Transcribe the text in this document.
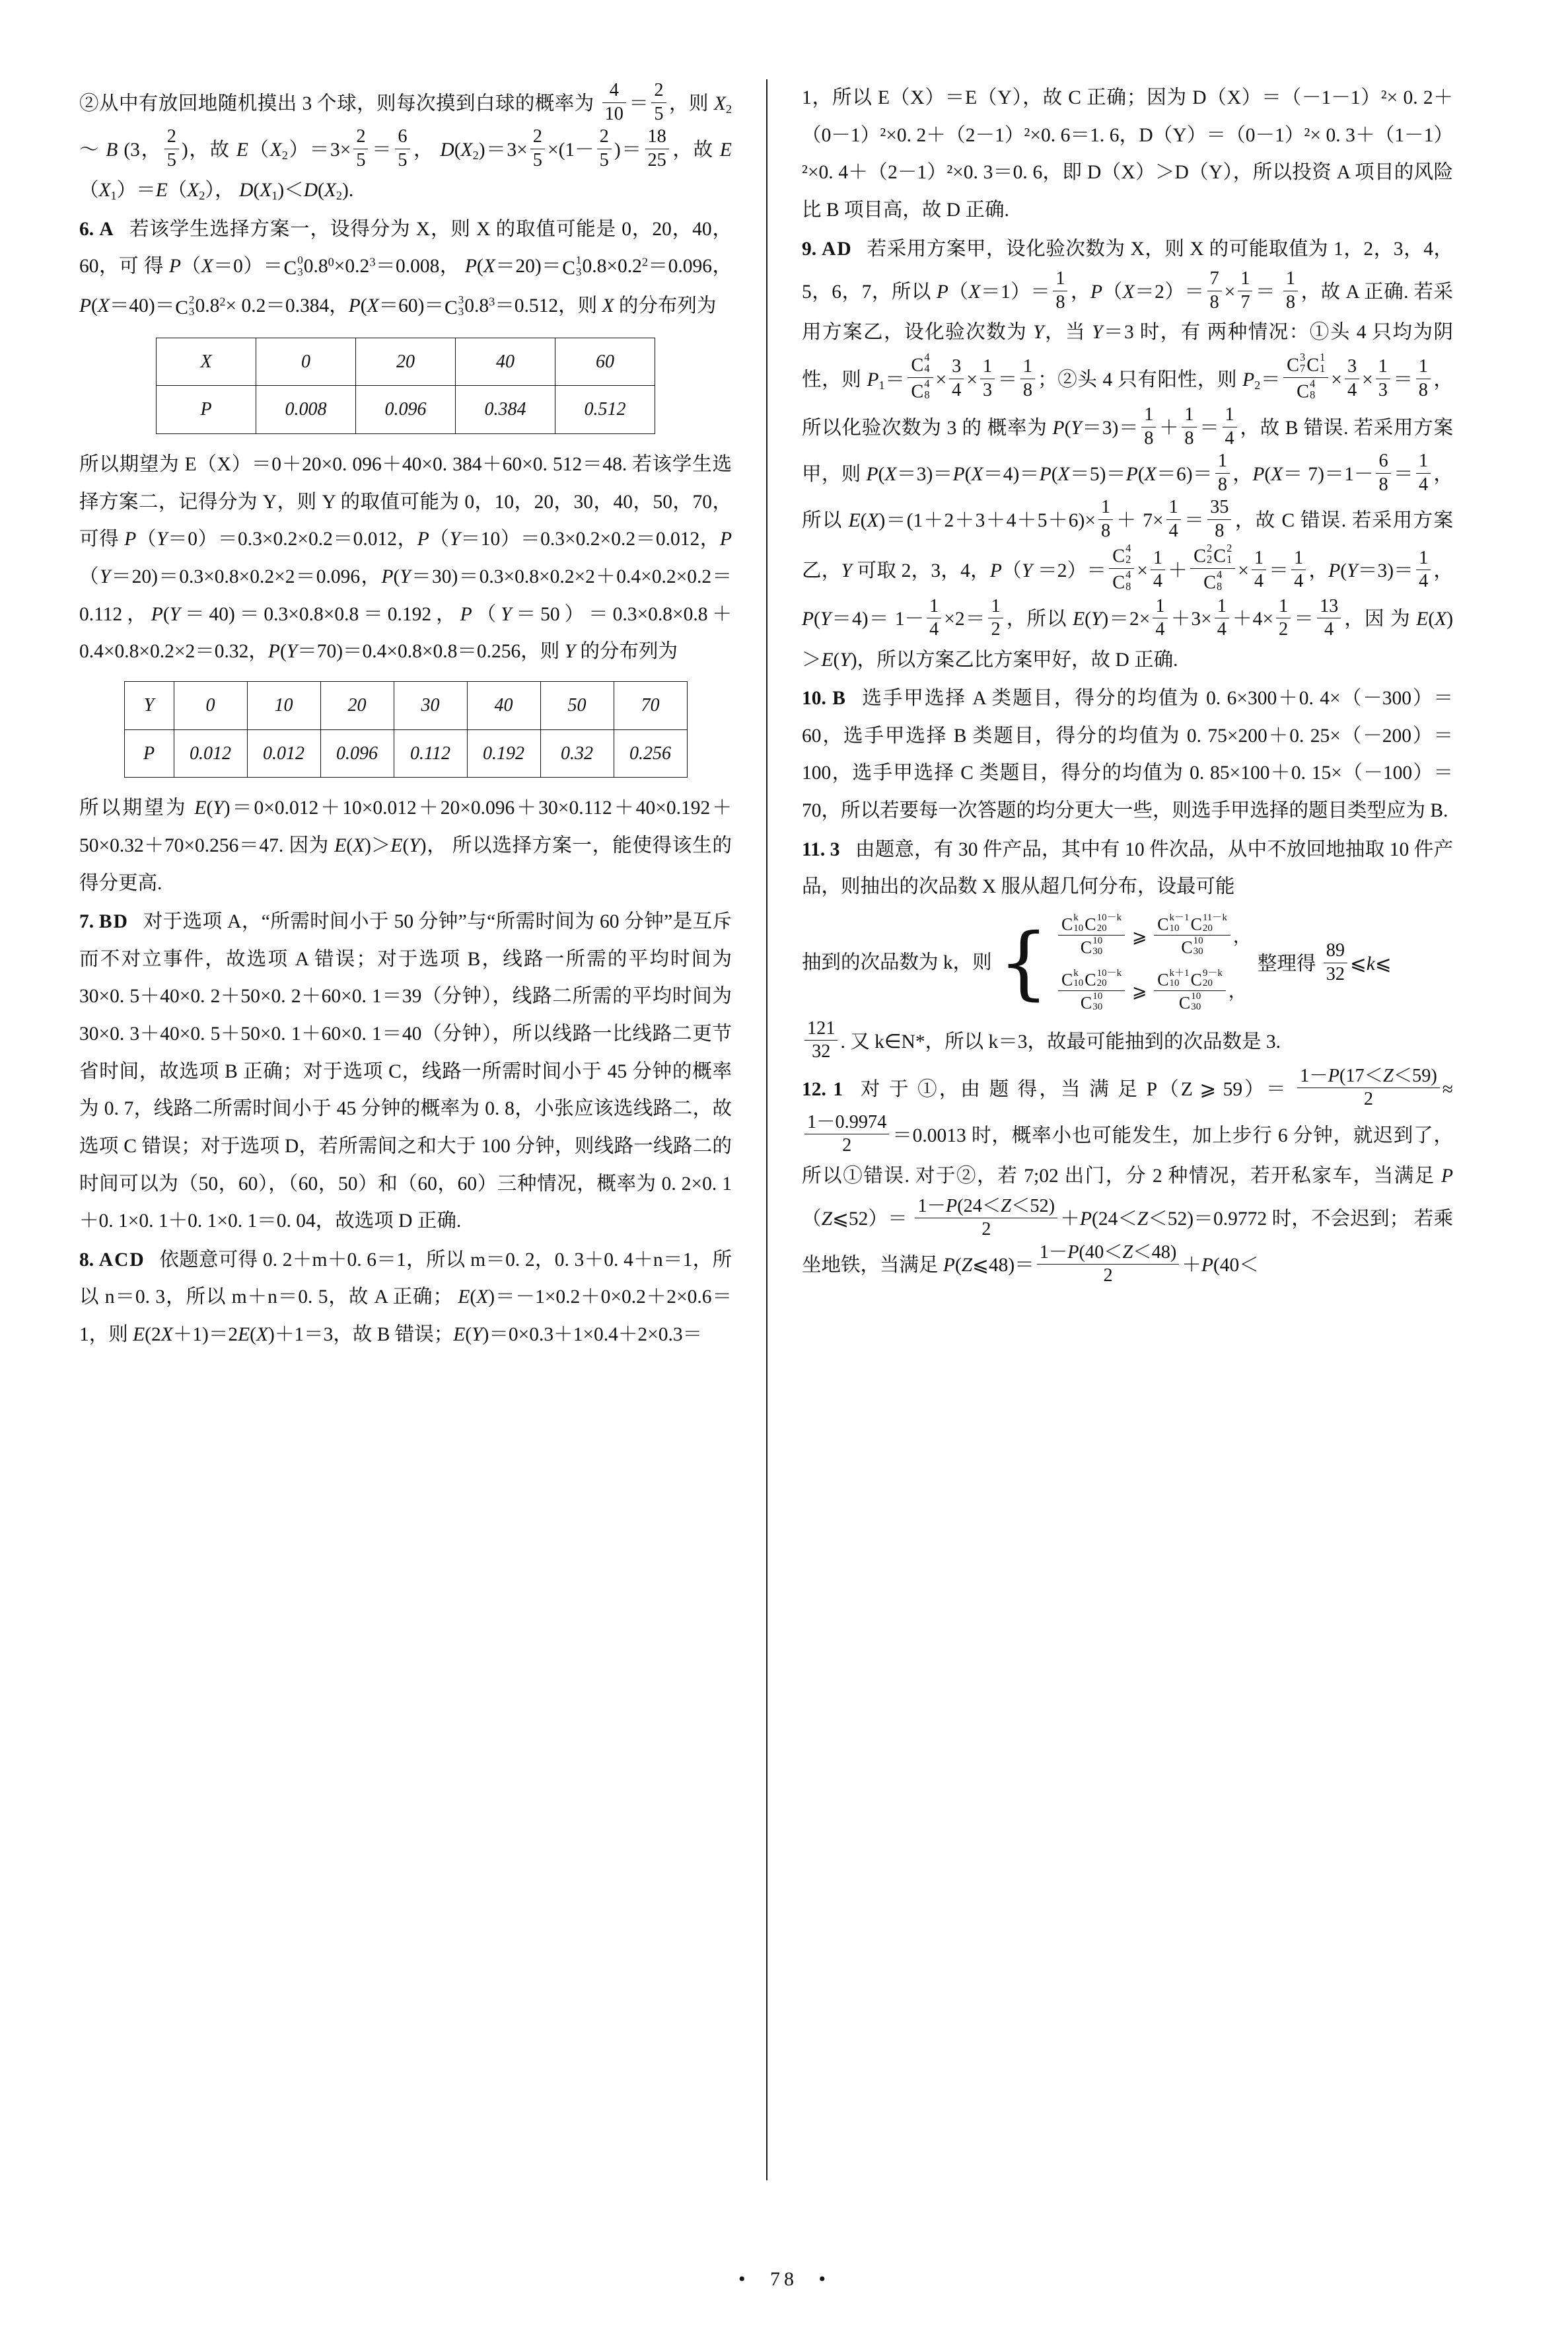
②从中有放回地随机摸出 3 个球，则每次摸到白球的概率为 $\frac{4}{10} = \frac{2}{5}$ ，则 $X_2$ ～ B (3， $\frac{2}{5}$ )，故 $E(X_2)=3\times \frac{2}{5} = \frac{6}{5}$ ， $D(X_2)=3\times \frac{2}{5} \times(1- \frac{2}{5}$ )＝ $\frac{18}{25}$ ，故 $E(X_1)=E(X_2)$， $D(X_1)<D(X_2)$.

6. A 若该学生选择方案一，设得分为 X，则 X 的取值可能是 0，20，40，60，可 得 P（X＝0）＝C 0
3 $0.8^0\times 0.2^3=0.008$， P(X＝20)＝C 1
3 $0.8\times 0.2^2=0.096$，P(X＝40)＝C 2
3 $0.8^2\times 0.2=0.384$，P(X＝60)＝C 3
3 $0.8^3=0.512$，则 X 的分布列为

X	0	20	40	60
P	0.008	0.096	0.384	0.512

所以期望为 E（X）＝0＋20×0. 096＋40×0. 384＋60×0. 512＝48. 若该学生选择方案二，记得分为 Y，则 Y 的取值可能为 0，10，20，30，40，50，70，可得 P（Y＝0）＝0.3×0.2×0.2＝0.012，P（Y＝10）＝0.3×0.2×0.2＝0.012，P（Y＝20)＝0.3×0.8×0.2×2＝0.096，P(Y＝30)＝0.3×0.8×0.2×2＋0.4×0.2×0.2＝0.112，P(Y＝40)＝0.3×0.8×0.8＝0.192，P（Y＝50）＝0.3×0.8×0.8＋0.4×0.8×0.2×2＝0.32，P(Y＝70)＝0.4×0.8×0.8＝0.256，则 Y 的分布列为

Y	0	10	20	30	40	50	70
P	0.012	0.012	0.096	0.112	0.192	0.32	0.256

所以期望为 E(Y)＝0×0.012＋10×0.012＋20×0.096＋30×0.112＋40×0.192＋50×0.32＋70×0.256＝47. 因为 E(X)＞E(Y)， 所以选择方案一，能使得该生的得分更高.

7. BD 对于选项 A，“所需时间小于 50 分钟”与“所需时间为 60 分钟”是互斥而不对立事件，故选项 A 错误；对于选项 B，线路一所需的平均时间为 30×0. 5＋40×0. 2＋50×0. 2＋60×0. 1＝39（分钟），线路二所需的平均时间为 30×0. 3＋40×0. 5＋50×0. 1＋60×0. 1＝40（分钟），所以线路一比线路二更节省时间，故选项 B 正确；对于选项 C，线路一所需时间小于 45 分钟的概率为 0. 7，线路二所需时间小于 45 分钟的概率为 0. 8，小张应该选线路二，故选项 C 错误；对于选项 D，若所需间之和大于 100 分钟，则线路一线路二的时间可以为（50，60），（60，50）和（60，60）三种情况，概率为 0. 2×0. 1＋0. 1×0. 1＋0. 1×0. 1＝0. 04，故选项 D 正确.

8. ACD 依题意可得 0. 2＋m＋0. 6＝1，所以 m＝0. 2，0. 3＋0. 4＋n＝1，所以 n＝0. 3，所以 m＋n＝0. 5，故 A 正确； E(X)＝－1×0.2＋0×0.2＋2×0.6＝1，则 E(2X＋1)＝2E(X)＋1＝3，故 B 错误；E(Y)＝0×0.3＋1×0.4＋2×0.3＝

1，所以 E（X）＝E（Y），故 C 正确；因为 D（X）＝（－1－1）²× 0. 2＋（0－1）²×0. 2＋（2－1）²×0. 6＝1. 6，D（Y）＝（0－1）²× 0. 3＋（1－1）²×0. 4＋（2－1）²×0. 3＝0. 6，即 D（X）＞D（Y），所以投资 A 项目的风险比 B 项目高，故 D 正确.

9. AD 若采用方案甲，设化验次数为 X，则 X 的可能取值为 1，2，3，4，5，6，7，所以 $P(X=1)= \frac{1}{8}$ ，$P(X=2)= \frac{7}{8} \times \frac{1}{7} = \frac{1}{8}$ ，故 A 正确. 若采用方案乙，设化验次数为 Y，当 Y＝3 时，有 两种情况：①头 4 只均为阴性，则 $P_1= C$ 4
4
C 4
$8 \times \frac{3}{4} \times \frac{1}{3} = \frac{1}{8}$ ；②头 4 只有阳性，则 $P_2= C$ 3
7 C 1
1
C 4
$8 \times \frac{3}{4} \times \frac{1}{3} = \frac{1}{8}$ ，所以化验次数为 3 的 概率为 $P(Y=3)= \frac{1}{8} + \frac{1}{8} = \frac{1}{4}$ ，故 B 错误. 若采用方案甲，则 $P(X=3)=P(X=4)=P(X=5)=P(X=6)= \frac{1}{8}$ ，$P(X= 7)=1- \frac{6}{8} = \frac{1}{4}$ ，所以 $E(X)=(1+2+3+4+5+6)\times \frac{1}{8} + 7\times \frac{1}{4} = \frac{35}{8}$ ，故 C 错误. 若采用方案乙，Y 可取 2，3，4，P（Y ＝2）＝ C 4
2
C 4
$8 \times \frac{1}{4} + C$ 2
2 C 2
1
C 4
$8 \times \frac{1}{4} = \frac{1}{4}$ ，$P(Y=3)= \frac{1}{4}$ ，$P(Y=4)= 1- \frac{1}{4} \times 2= \frac{1}{2}$ ，所以 $E(Y)=2\times \frac{1}{4} +3\times \frac{1}{4} +4\times \frac{1}{2} = \frac{13}{4}$ ，因 为 E(X)＞E(Y)，所以方案乙比方案甲好，故 D 正确.

10. B 选手甲选择 A 类题目，得分的均值为 0. 6×300＋0. 4×（－300）＝60，选手甲选择 B 类题目，得分的均值为 0. 75×200＋0. 25×（－200）＝100，选手甲选择 C 类题目，得分的均值为 0. 85×100＋0. 15×（－100）＝70，所以若要每一次答题的均分更大一些，则选手甲选择的题目类型应为 B.

11. 3 由题意，有 30 件产品，其中有 10 件次品，从中不放回地抽取 10 件产品，则抽出的次品数 X 服从超几何分布，设最可能

抽到的次品数为 k，则 { C k
10 C 10－k
20
C 10
30 ⩾ C k－1
10 C 11－k
20
C 10
30 ，
C k
10 C 10－k
20
C 10
30 ⩾ C k＋1
10 C 9－k
20
C 10
30 ，
整理得 $\frac{89}{32}$ ⩽k⩽

$\frac{121}{32}$ . 又 k∈N*，所以 k＝3，故最可能抽到的次品数是 3.

12. 1 对 于 ①，由 题 得，当 满 足 P（Z ⩾ $59)= \frac{1-P(17<Z<59)}{2}$ ≈
$\frac{1-0.9974}{2} =0.0013$ 时，概率小也可能发生，加上步行 6 分钟，就迟到了，所以①错误. 对于②，若 7;02 出门，分 2 种情况，若开私家车，当满足 P（Z⩽52）＝ $\frac{1-P(24<Z<52)}{2} +P(24<Z<52)=0.9772$ 时，不会迟到； 若乘坐地铁，当满足 P(Z⩽48)＝ $\frac{1-P(40<Z<48)}{2} +P(40<$

• 78 •
